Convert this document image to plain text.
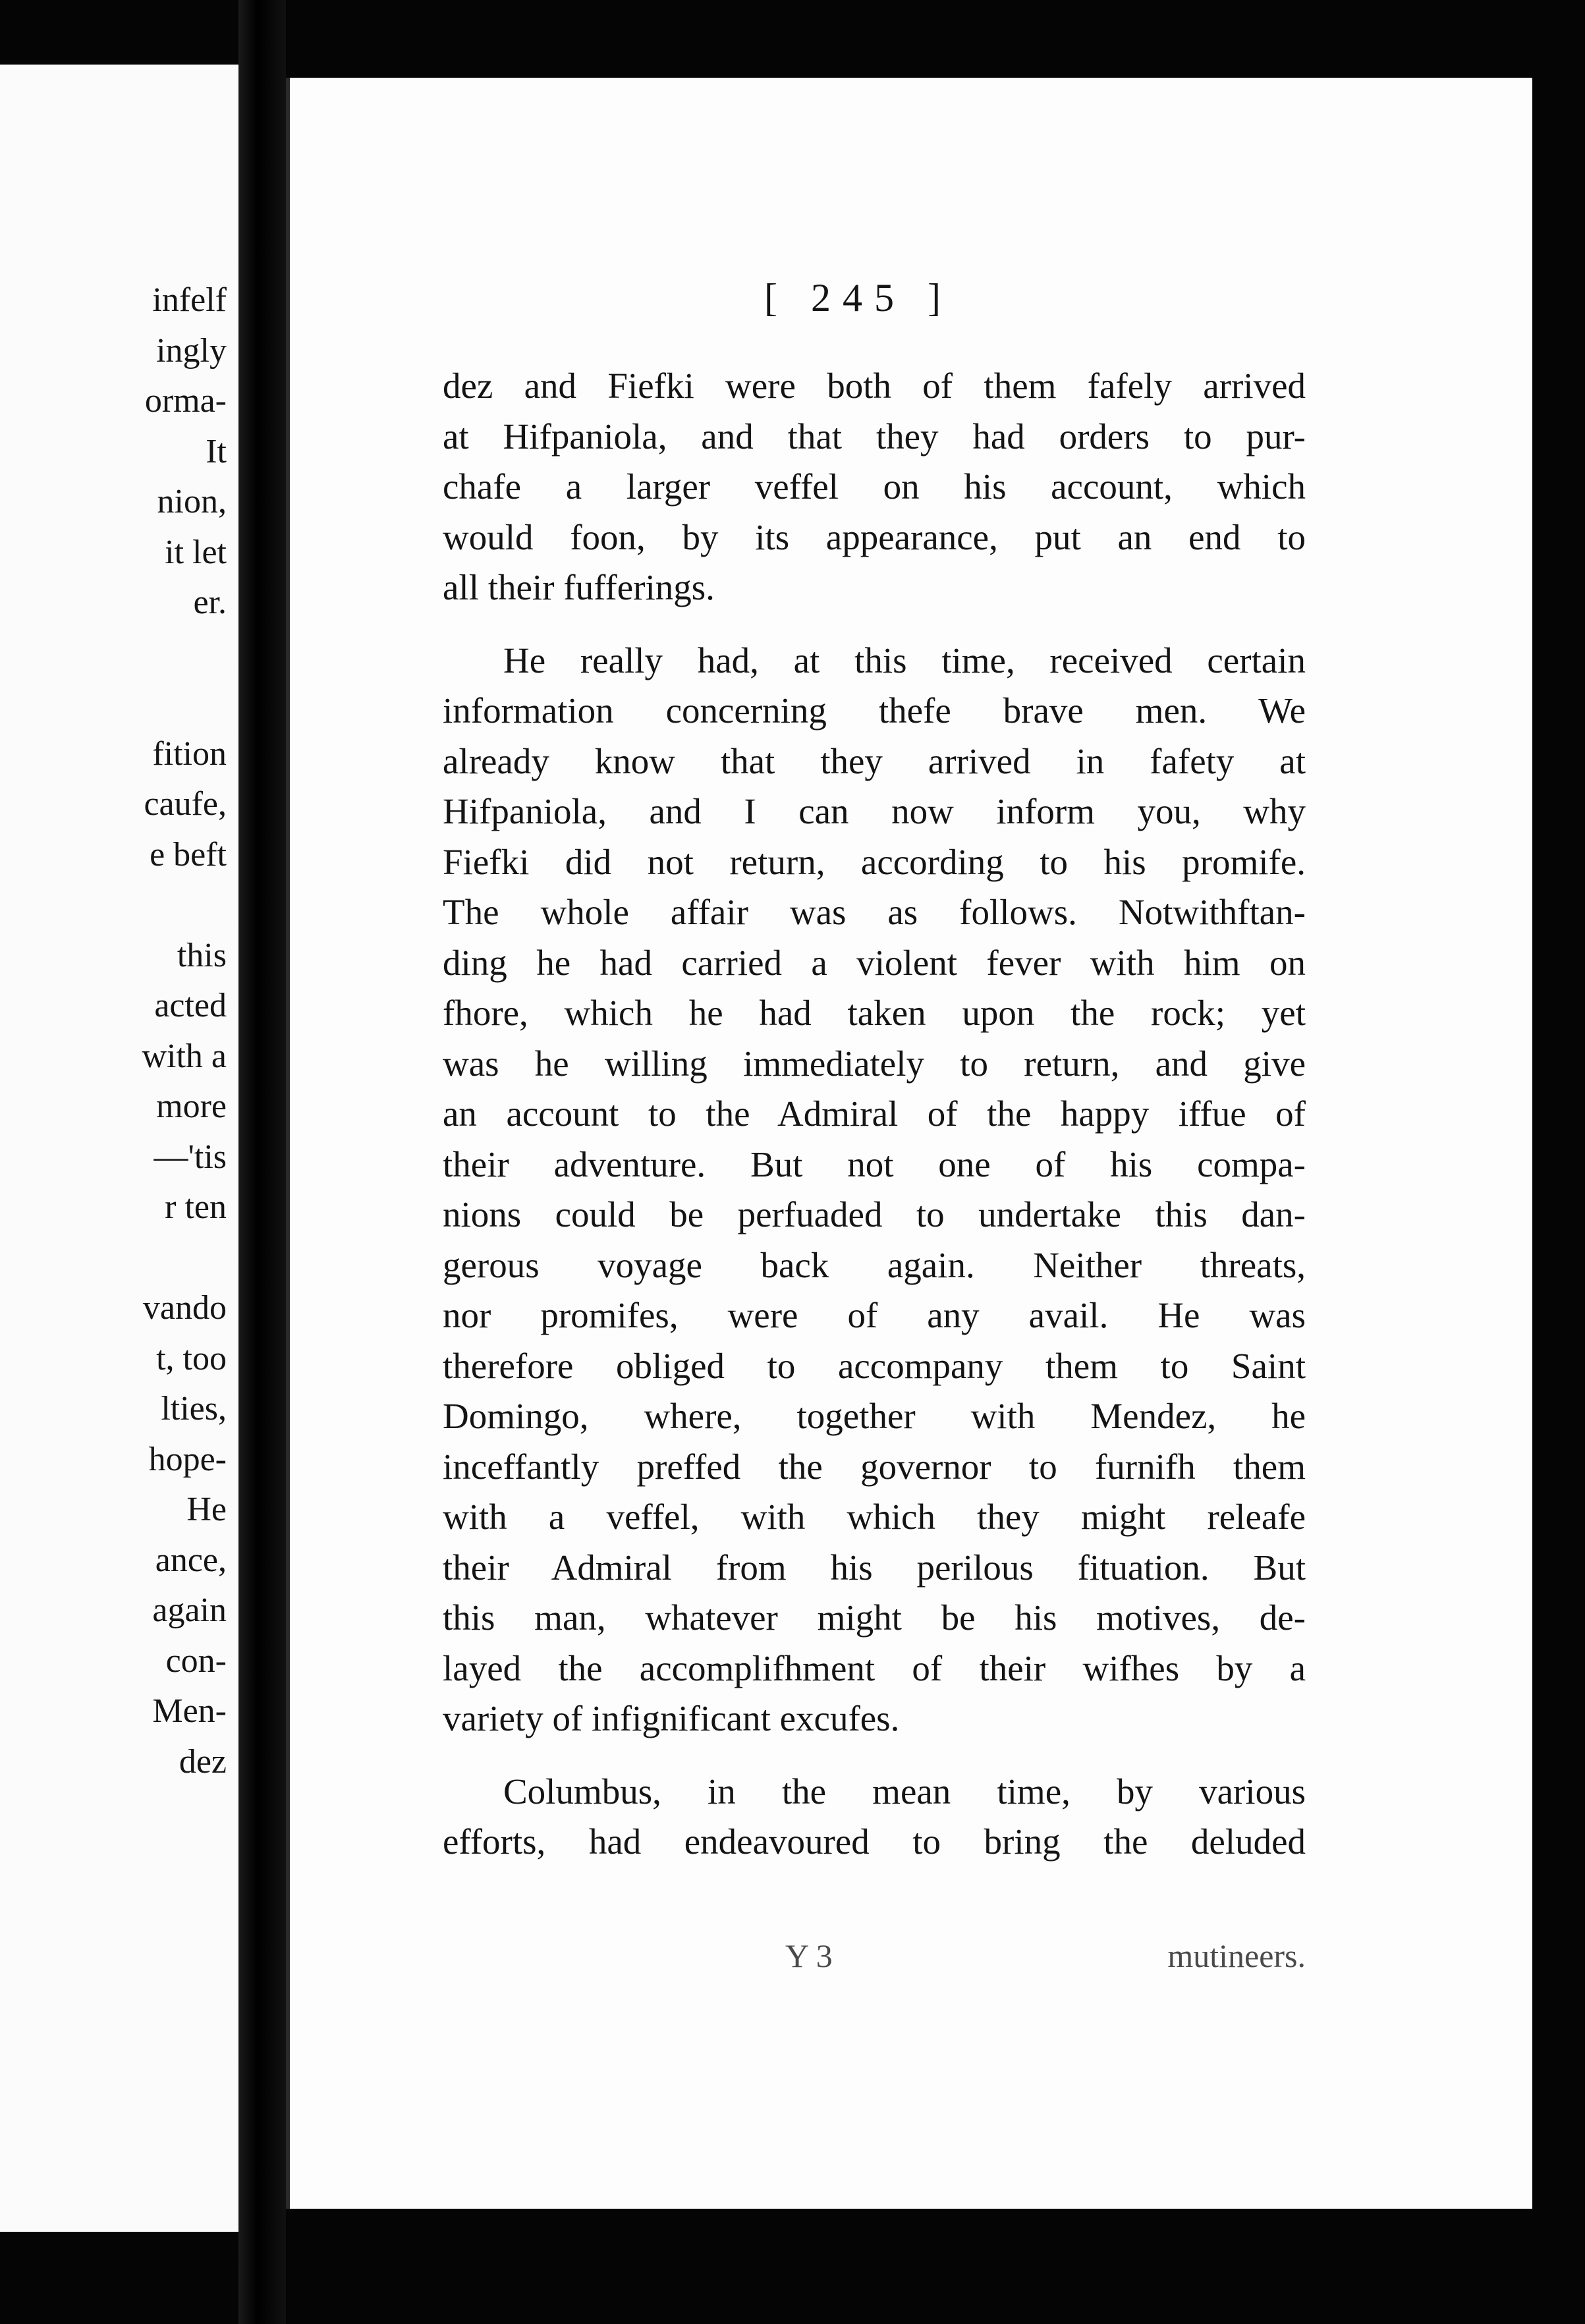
infelf
ingly
orma-
It
nion,
it let
er.
fition
caufe,
e beft
this
acted
with a
more
—'tis
r ten
vando
t, too
lties,
hope-
He
ance,
again
con-
Men-
dez
[ 245 ]
dez and Fiefki were both of them fafely arrived
at Hifpaniola, and that they had orders to pur-
chafe a larger veffel on his account, which
would foon, by its appearance, put an end to
all their fufferings.
He really had, at this time, received certain
information concerning thefe brave men. We
already know that they arrived in fafety at
Hifpaniola, and I can now inform you, why
Fiefki did not return, according to his promife.
The whole affair was as follows. Notwithftan-
ding he had carried a violent fever with him on
fhore, which he had taken upon the rock; yet
was he willing immediately to return, and give
an account to the Admiral of the happy iffue of
their adventure. But not one of his compa-
nions could be perfuaded to undertake this dan-
gerous voyage back again. Neither threats,
nor promifes, were of any avail. He was
therefore obliged to accompany them to Saint
Domingo, where, together with Mendez, he
inceffantly preffed the governor to furnifh them
with a veffel, with which they might releafe
their Admiral from his perilous fituation. But
this man, whatever might be his motives, de-
layed the accomplifhment of their wifhes by a
variety of infignificant excufes.
Columbus, in the mean time, by various
efforts, had endeavoured to bring the deluded
Y 3	mutineers.
